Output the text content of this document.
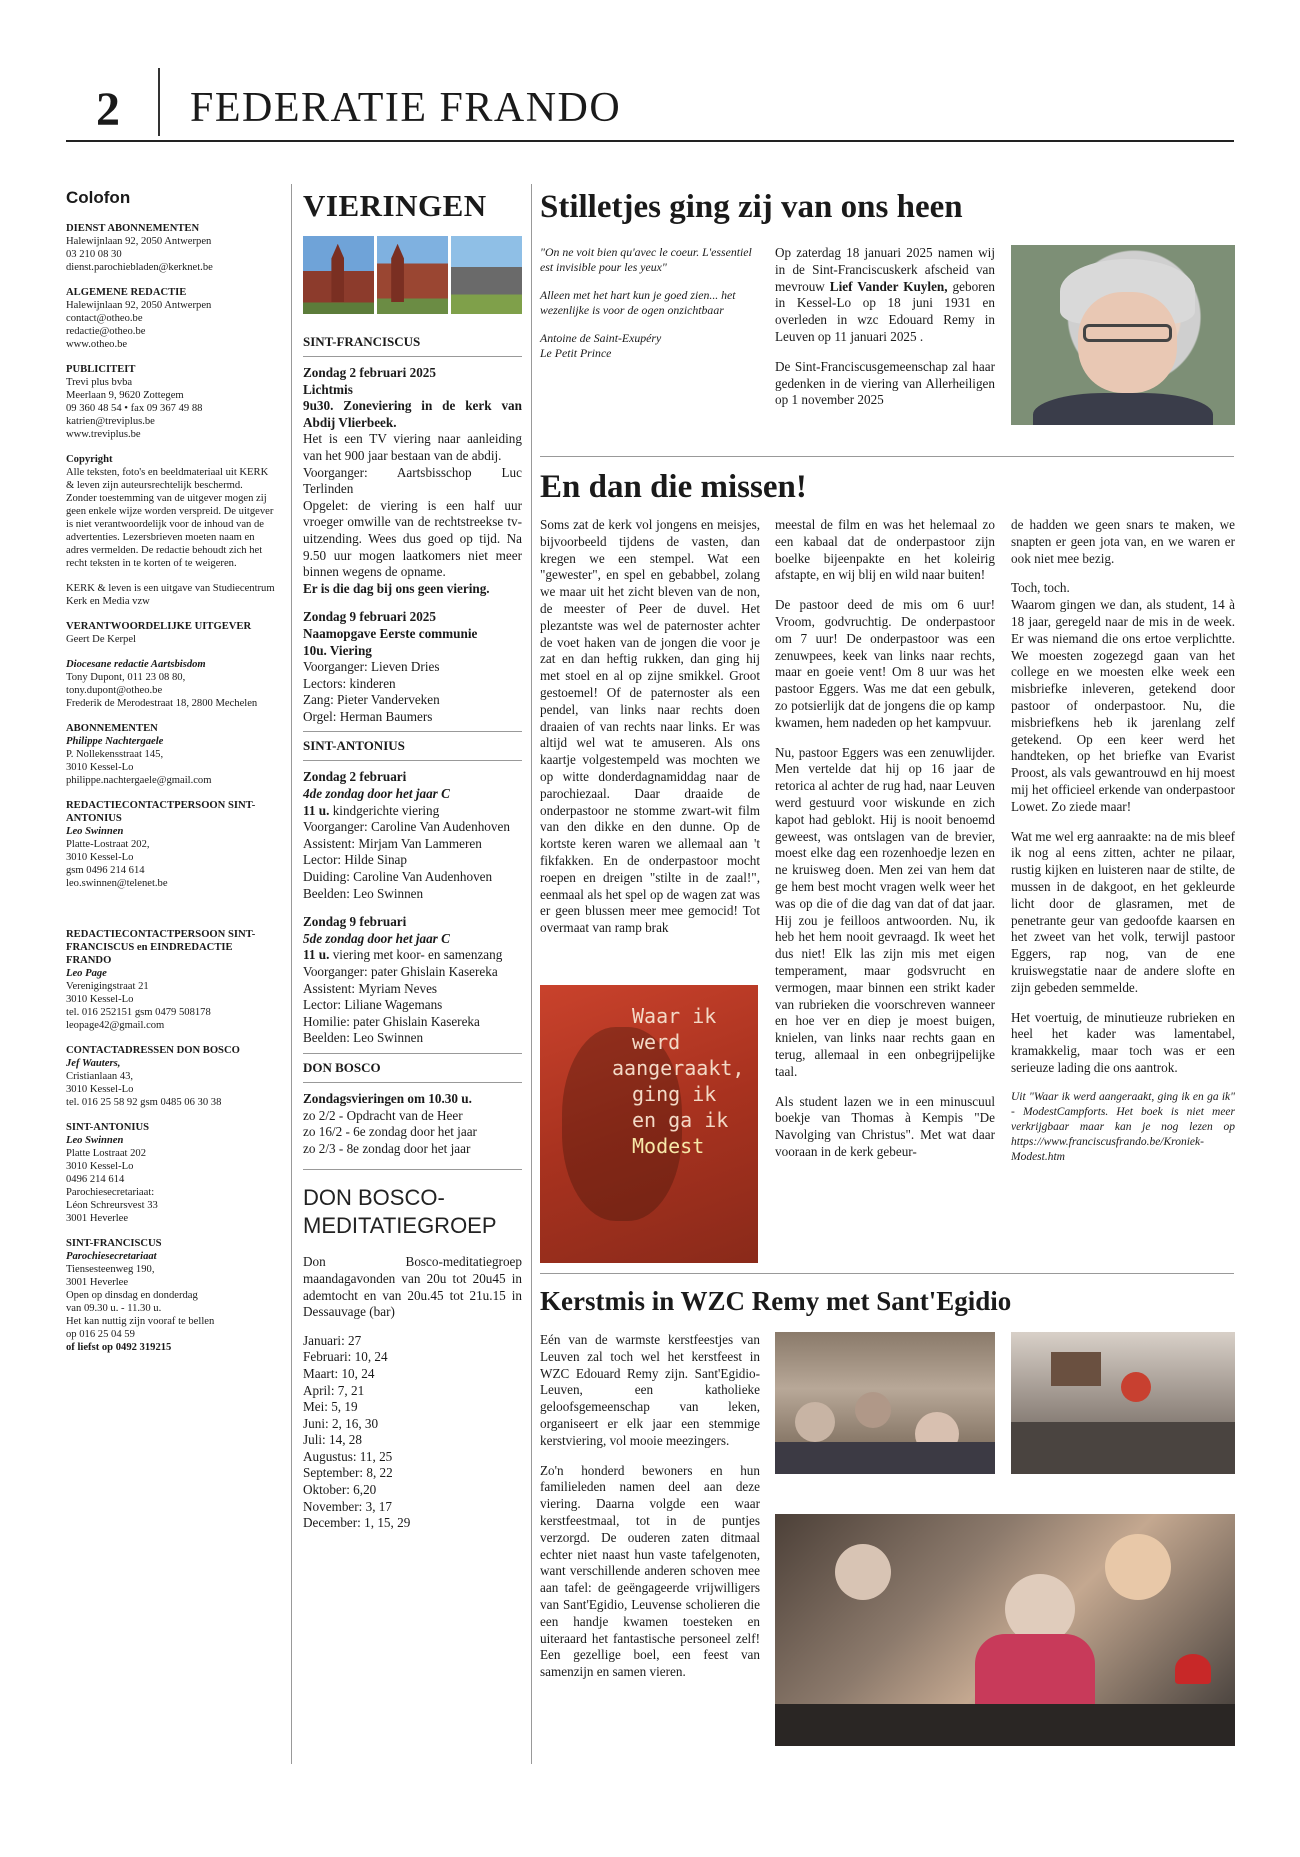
2 FEDERATIE FRANDO
Colofon
DIENST ABONNEMENTEN
Halewijnlaan 92, 2050 Antwerpen
03 210 08 30
dienst.parochiebladen@kerknet.be
ALGEMENE REDACTIE
Halewijnlaan 92, 2050 Antwerpen
contact@otheo.be
redactie@otheo.be
www.otheo.be
PUBLICITEIT
Trevi plus bvba
Meerlaan 9, 9620 Zottegem
09 360 48 54 • fax 09 367 49 88
katrien@treviplus.be
www.treviplus.be
Copyright
Alle teksten, foto's en beeldmateriaal uit KERK & leven zijn auteursrechtelijk beschermd. Zonder toestemming van de uitgever mogen zij geen enkele wijze worden verspreid. De uitgever is niet verantwoordelijk voor de inhoud van de advertenties. Lezersbrieven moeten naam en adres vermelden. De redactie behoudt zich het recht teksten in te korten of te weigeren.
KERK & leven is een uitgave van Studiecentrum Kerk en Media vzw
VERANTWOORDELIJKE UITGEVER
Geert De Kerpel
Diocesane redactie Aartsbisdom
Tony Dupont, 011 23 08 80,
tony.dupont@otheo.be
Frederik de Merodestraat 18, 2800 Mechelen
ABONNEMENTEN
Philippe Nachtergaele
P. Nollekensstraat 145,
3010 Kessel-Lo
philippe.nachtergaele@gmail.com
REDACTIECONTACTPERSOON SINT-ANTONIUS
Leo Swinnen
Platte-Lostraat 202,
3010 Kessel-Lo
gsm 0496 214 614
leo.swinnen@telenet.be
REDACTIECONTACTPERSOON SINT-FRANCISCUS en EINDREDACTIE FRANDO
Leo Page
Verenigingstraat 21
3010 Kessel-Lo
tel. 016 252151 gsm 0479 508178
leopage42@gmail.com
CONTACTADRESSEN DON BOSCO
Jef Wauters,
Cristianlaan 43,
3010 Kessel-Lo
tel. 016 25 58 92 gsm 0485 06 30 38
SINT-ANTONIUS
Leo Swinnen
Platte Lostraat 202
3010 Kessel-Lo
0496 214 614
Parochiesecretariaat:
Léon Schreursvest 33
3001 Heverlee
SINT-FRANCISCUS
Parochiesecretariaat
Tiensesteenweg 190,
3001 Heverlee
Open op dinsdag en donderdag
van 09.30 u. - 11.30 u.
Het kan nuttig zijn vooraf te bellen
op 016 25 04 59
of liefst op 0492 319215
VIERINGEN
SINT-FRANCISCUS
Zondag 2 februari 2025
Lichtmis
9u30. Zoneviering in de kerk van Abdij Vlierbeek.
Het is een TV viering naar aanleiding van het 900 jaar bestaan van de abdij.
Voorganger: Aartsbisschop Luc Terlinden
Opgelet: de viering is een half uur vroeger omwille van de rechtstreekse tv-uitzending. Wees dus goed op tijd. Na 9.50 uur mogen laatkomers niet meer binnen wegens de opname.
Er is die dag bij ons geen viering.
Zondag 9 februari 2025
Naamopgave Eerste communie
10u. Viering
Voorganger: Lieven Dries
Lectors: kinderen
Zang: Pieter Vanderveken
Orgel: Herman Baumers
SINT-ANTONIUS
Zondag 2 februari
4de zondag door het jaar C
11 u. kindgerichte viering
Voorganger: Caroline Van Audenhoven
Assistent: Mirjam Van Lammeren
Lector: Hilde Sinap
Duiding: Caroline Van Audenhoven
Beelden: Leo Swinnen
Zondag 9 februari
5de zondag door het jaar C
11 u. viering met koor- en samenzang
Voorganger: pater Ghislain Kasereka
Assistent: Myriam Neves
Lector: Liliane Wagemans
Homilie: pater Ghislain Kasereka
Beelden: Leo Swinnen
DON BOSCO
Zondagsvieringen om 10.30 u.
zo 2/2 - Opdracht van de Heer
zo 16/2 - 6e zondag door het jaar
zo 2/3 - 8e zondag door het jaar
DON BOSCO-
MEDITATIEGROEP
Don Bosco-meditatiegroep maandagavonden van 20u tot 20u45 in ademtocht en van 20u.45 tot 21u.15 in Dessauvage (bar)
Januari: 27
Februari: 10, 24
Maart: 10, 24
April: 7, 21
Mei: 5, 19
Juni: 2, 16, 30
Juli: 14, 28
Augustus: 11, 25
September: 8, 22
Oktober: 6,20
November: 3, 17
December: 1, 15, 29
Stilletjes ging zij van ons heen
"On ne voit bien qu'avec le coeur. L'essentiel est invisible pour les yeux"
Alleen met het hart kun je goed zien... het wezenlijke is voor de ogen onzichtbaar
Antoine de Saint-Exupéry
Le Petit Prince
Op zaterdag 18 januari 2025 namen wij in de Sint-Franciscuskerk afscheid van mevrouw Lief Vander Kuylen, geboren in Kessel-Lo op 18 juni 1931 en overleden in wzc Edouard Remy in Leuven op 11 januari 2025 .
De Sint-Franciscusgemeenschap zal haar gedenken in de viering van Allerheiligen op 1 november 2025
En dan die missen!
Soms zat de kerk vol jongens en meisjes, bijvoorbeeld tijdens de vasten, dan kregen we een stempel. Wat een "gewester", en spel en gebabbel, zolang we maar uit het zicht bleven van de non, de meester of Peer de duvel. Het plezantste was wel de paternoster achter de voet haken van de jongen die voor je zat en dan heftig rukken, dan ging hij met stoel en al op zijne smikkel. Groot gestoemel! Of de paternoster als een pendel, van links naar rechts doen draaien of van rechts naar links. Er was altijd wel wat te amuseren. Als ons kaartje volgestempeld was mochten we op witte donderdagnamiddag naar de parochiezaal. Daar draaide de onderpastoor ne stomme zwart-wit film van den dikke en den dunne. Op de kortste keren waren we allemaal aan 't fikfakken. En de onderpastoor mocht roepen en dreigen "stilte in de zaal!", eenmaal als het spel op de wagen zat was er geen blussen meer mee gemocid! Tot overmaat van ramp brak
Waar ik
werd
aangeraakt,
ging ik
en ga ik
Modest
meestal de film en was het helemaal zo een kabaal dat de onderpastoor zijn boelke bijeenpakte en het koleirig afstapte, en wij blij en wild naar buiten!
De pastoor deed de mis om 6 uur! Vroom, godvruchtig. De onderpastoor om 7 uur! De onderpastoor was een zenuwpees, keek van links naar rechts, maar en goeie vent! Om 8 uur was het pastoor Eggers. Was me dat een gebulk, zo potsierlijk dat de jongens die op kamp kwamen, hem nadeden op het kampvuur.
Nu, pastoor Eggers was een zenuwlijder. Men vertelde dat hij op 16 jaar de retorica al achter de rug had, naar Leuven werd gestuurd voor wiskunde en zich kapot had geblokt. Hij is nooit benoemd geweest, was ontslagen van de brevier, moest elke dag een rozenhoedje lezen en ne kruisweg doen. Men zei van hem dat ge hem best mocht vragen welk weer het was op die of die dag van dat of dat jaar. Hij zou je feilloos antwoorden. Nu, ik heb het hem nooit gevraagd. Ik weet het dus niet! Elk las zijn mis met eigen temperament, maar godsvrucht en vermogen, maar binnen een strikt kader van rubrieken die voorschreven wanneer en hoe ver en diep je moest buigen, knielen, van links naar rechts gaan en terug, allemaal in een onbegrijpelijke taal.
Als student lazen we in een minuscuul boekje van Thomas à Kempis "De Navolging van Christus". Met wat daar vooraan in de kerk gebeur-
de hadden we geen snars te maken, we snapten er geen jota van, en we waren er ook niet mee bezig.
Toch, toch.
Waarom gingen we dan, als student, 14 à 18 jaar, geregeld naar de mis in de week. Er was niemand die ons ertoe verplichtte. We moesten zogezegd gaan van het college en we moesten elke week een misbriefke inleveren, getekend door pastoor of onderpastoor. Nu, die misbriefkens heb ik jarenlang zelf getekend. Op een keer werd het handteken, op het briefke van Evarist Proost, als vals gewantrouwd en hij moest mij het officieel erkende van onderpastoor Lowet. Zo ziede maar!
Wat me wel erg aanraakte: na de mis bleef ik nog al eens zitten, achter ne pilaar, rustig kijken en luisteren naar de stilte, de mussen in de dakgoot, en het gekleurde licht door de glasramen, met de penetrante geur van gedoofde kaarsen en het zweet van het volk, terwijl pastoor Eggers, rap nog, van de ene kruiswegstatie naar de andere slofte en zijn gebeden semmelde.
Het voertuig, de minutieuze rubrieken en heel het kader was lamentabel, kramakkelig, maar toch was er een serieuze lading die ons aantrok.
Uit "Waar ik werd aangeraakt, ging ik en ga ik" - ModestCampforts. Het boek is niet meer verkrijgbaar maar kan je nog lezen op https://www.franciscusfrando.be/Kroniek-Modest.htm
Kerstmis in WZC Remy met Sant'Egidio
Eén van de warmste kerstfeestjes van Leuven zal toch wel het kerstfeest in WZC Edouard Remy zijn. Sant'Egidio-Leuven, een katholieke geloofsgemeenschap van leken, organiseert er elk jaar een stemmige kerstviering, vol mooie meezingers.
Zo'n honderd bewoners en hun familieleden namen deel aan deze viering. Daarna volgde een waar kerstfeestmaal, tot in de puntjes verzorgd. De ouderen zaten ditmaal echter niet naast hun vaste tafelgenoten, want verschillende anderen schoven mee aan tafel: de geëngageerde vrijwilligers van Sant'Egidio, Leuvense scholieren die een handje kwamen toesteken en uiteraard het fantastische personeel zelf! Een gezellige boel, een feest van samenzijn en samen vieren.
